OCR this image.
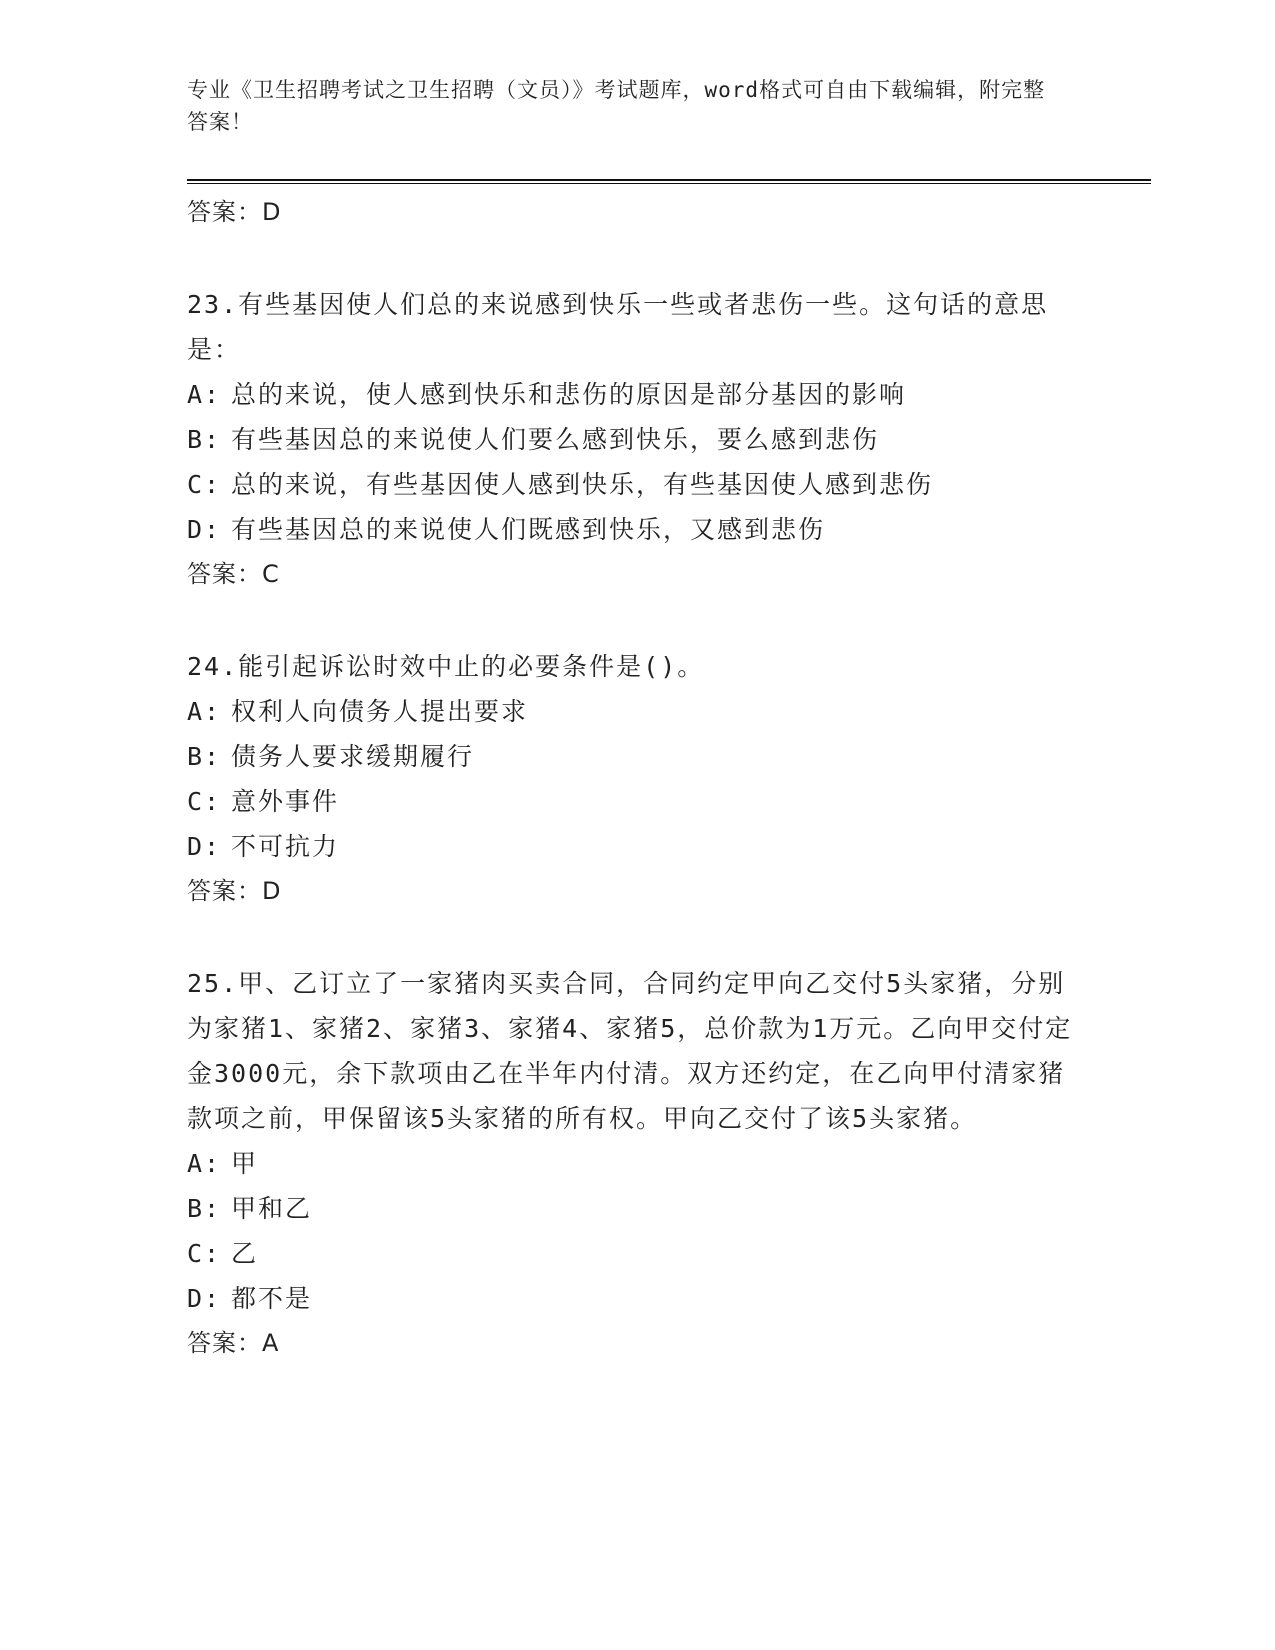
专业《卫生招聘考试之卫生招聘（文员）》考试题库，word格式可自由下载编辑，附完整答案！

答案：D

23.有些基因使人们总的来说感到快乐一些或者悲伤一些。这句话的意思是：

A: 总的来说，使人感到快乐和悲伤的原因是部分基因的影响

B: 有些基因总的来说使人们要么感到快乐，要么感到悲伤

C: 总的来说，有些基因使人感到快乐，有些基因使人感到悲伤

D: 有些基因总的来说使人们既感到快乐，又感到悲伤

答案：C

24.能引起诉讼时效中止的必要条件是()。

A: 权利人向债务人提出要求

B: 债务人要求缓期履行

C: 意外事件

D: 不可抗力

答案：D

25.甲、乙订立了一家猪肉买卖合同，合同约定甲向乙交付5头家猪，分别为家猪1、家猪2、家猪3、家猪4、家猪5，总价款为1万元。乙向甲交付定金3000元，余下款项由乙在半年内付清。双方还约定，在乙向甲付清家猪款项之前，甲保留该5头家猪的所有权。甲向乙交付了该5头家猪。

A: 甲

B: 甲和乙

C: 乙

D: 都不是

答案：A
